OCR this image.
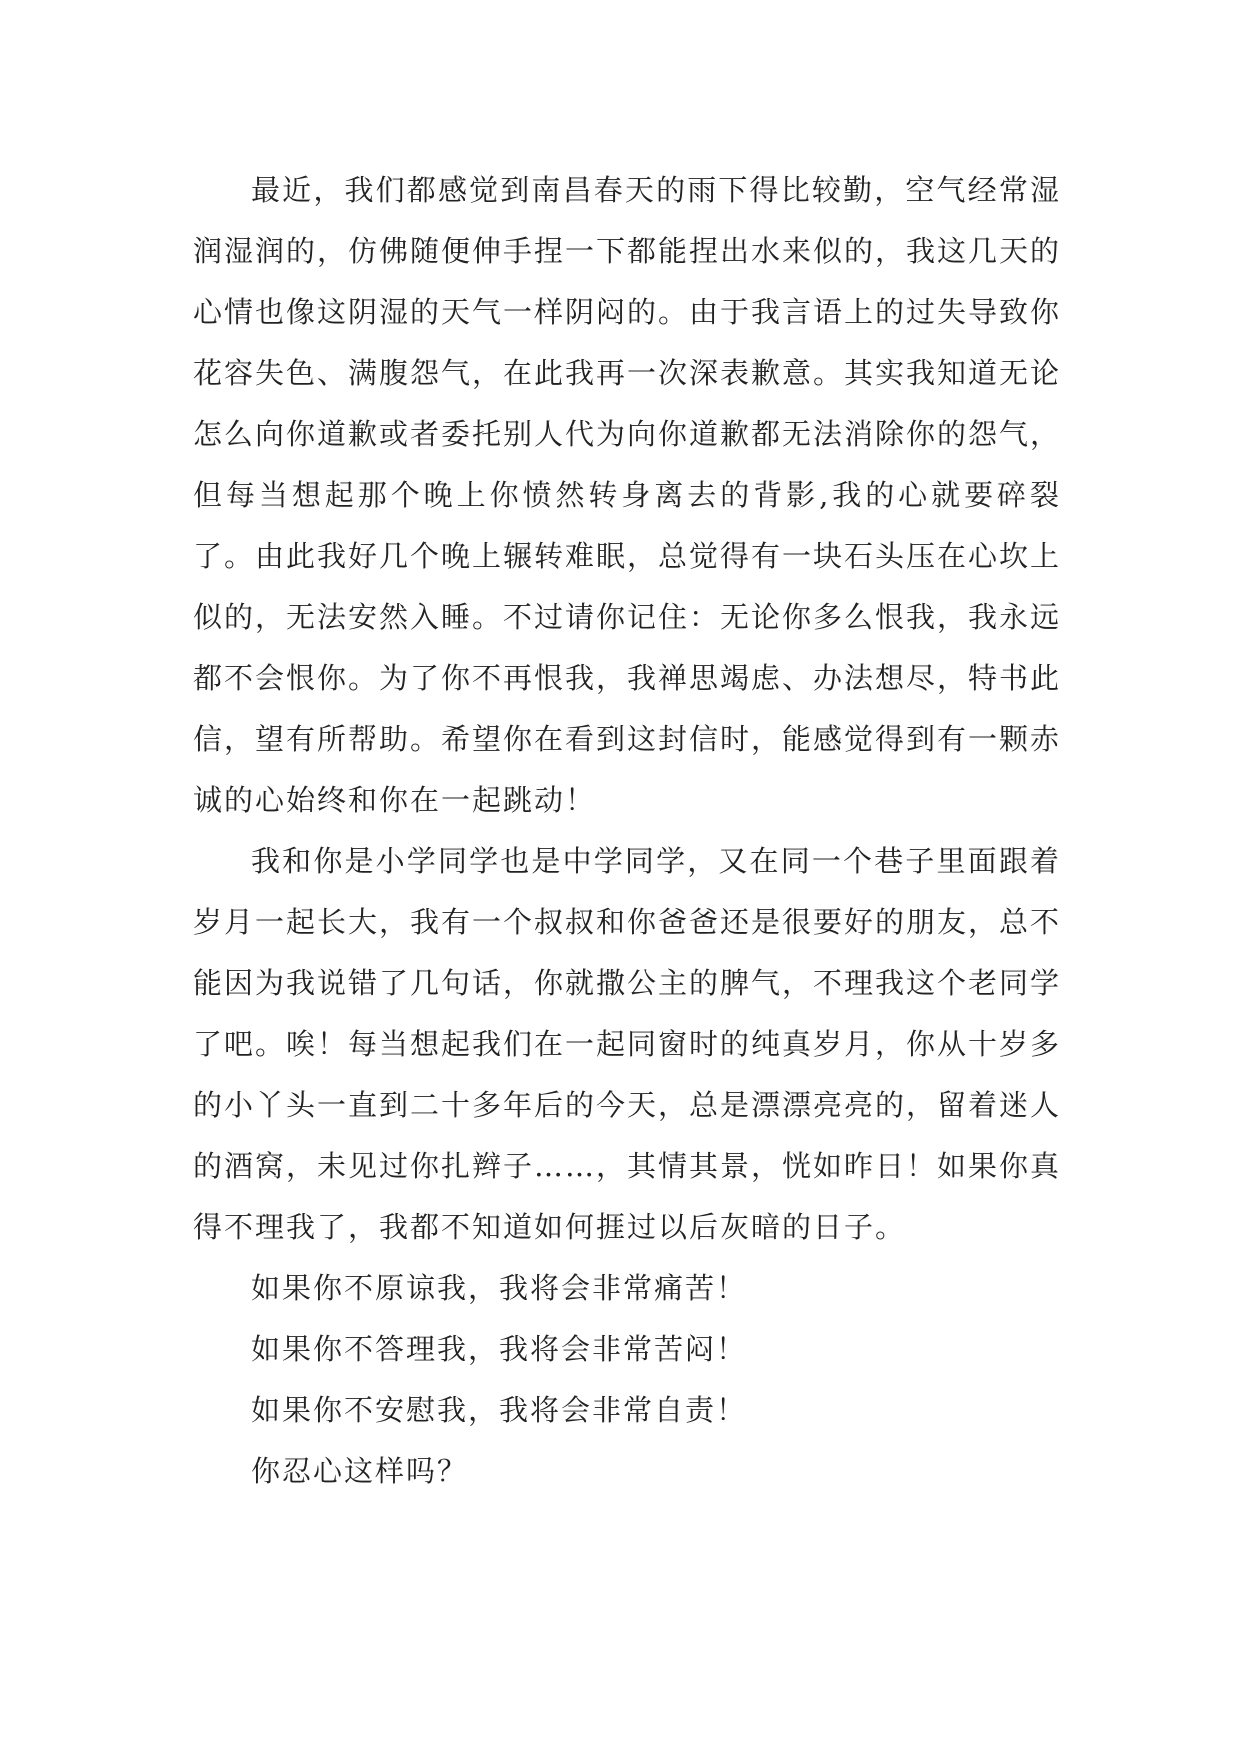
最近，我们都感觉到南昌春天的雨下得比较勤，空气经常湿润湿润的，仿佛随便伸手捏一下都能捏出水来似的，我这几天的心情也像这阴湿的天气一样阴闷的。由于我言语上的过失导致你花容失色、满腹怨气，在此我再一次深表歉意。其实我知道无论怎么向你道歉或者委托别人代为向你道歉都无法消除你的怨气，但每当想起那个晚上你愤然转身离去的背影,我的心就要碎裂了。由此我好几个晚上辗转难眠，总觉得有一块石头压在心坎上似的，无法安然入睡。不过请你记住：无论你多么恨我，我永远都不会恨你。为了你不再恨我，我禅思竭虑、办法想尽，特书此信，望有所帮助。希望你在看到这封信时，能感觉得到有一颗赤诚的心始终和你在一起跳动！

我和你是小学同学也是中学同学，又在同一个巷子里面跟着岁月一起长大，我有一个叔叔和你爸爸还是很要好的朋友，总不能因为我说错了几句话，你就撒公主的脾气，不理我这个老同学了吧。唉！每当想起我们在一起同窗时的纯真岁月，你从十岁多的小丫头一直到二十多年后的今天，总是漂漂亮亮的，留着迷人的酒窝，未见过你扎辫子……，其情其景，恍如昨日！如果你真得不理我了，我都不知道如何捱过以后灰暗的日子。

如果你不原谅我，我将会非常痛苦！

如果你不答理我，我将会非常苦闷！

如果你不安慰我，我将会非常自责！

你忍心这样吗？
